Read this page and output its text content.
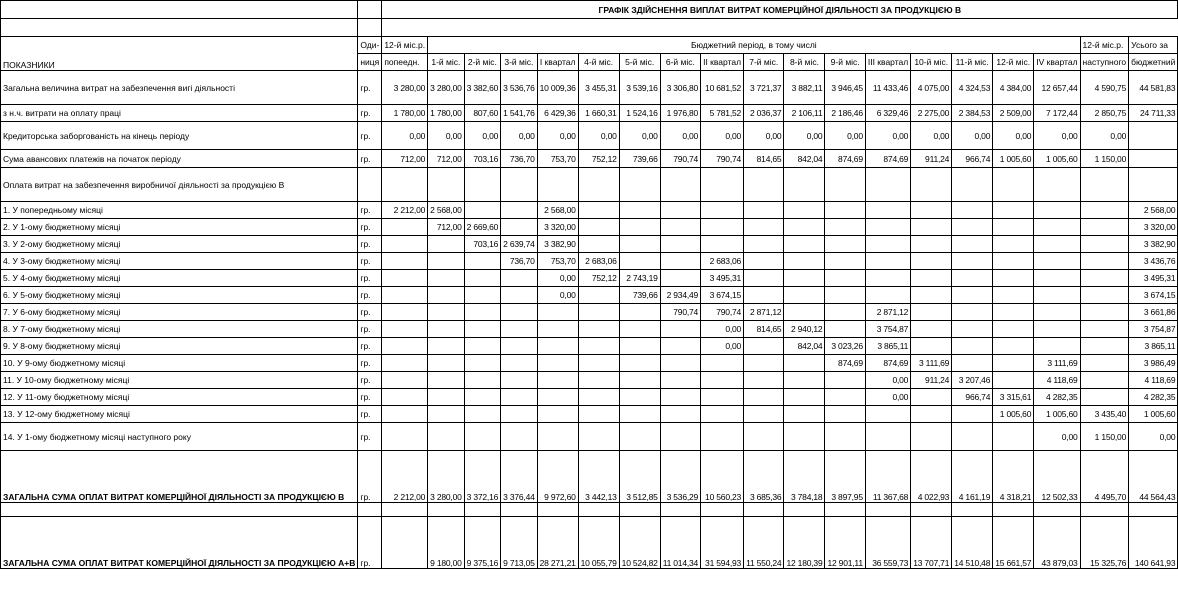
		ГРАФІК ЗДІЙСНЕННЯ ВИПЛАТ ВИТРАТ КОМЕРЦІЙНОЇ ДІЯЛЬНОСТІ ЗА ПРОДУКЦІЄЮ В																		

ПОКАЗНИКИ	Оди-	12-й міс.р.	Бюджетний період, в тому числі																12-й міс.р.	Усього за
	ниця	попеедн.	1-й міс.	2-й міс.	3-й міс.	І квартал	4-й міс.	5-й міс.	6-й міс.	ІІ квартал	7-й міс.	8-й міс.	9-й міс.	ІІІ квартал	10-й міс.	11-й міс.	12-й міс.	IV квартал	наступного	бюджетний
Загальна величина витрат на забезпечення вигі діяльності	гр.	3 280,00	3 280,00	3 382,60	3 536,76	10 009,36	3 455,31	3 539,16	3 306,80	10 681,52	3 721,37	3 882,11	3 946,45	11 433,46	4 075,00	4 324,53	4 384,00	12 657,44	4 590,75	44 581,83
з н.ч. витрати на оплату праці	гр.	1 780,00	1 780,00	807,60	1 541,76	6 429,36	1 660,31	1 524,16	1 976,80	5 781,52	2 036,37	2 106,11	2 186,46	6 329,46	2 275,00	2 384,53	2 509,00	7 172,44	2 850,75	24 711,33
Кредиторська заборгованість на кінець періоду	гр.	0,00	0,00	0,00	0,00	0,00	0,00	0,00	0,00	0,00	0,00	0,00	0,00	0,00	0,00	0,00	0,00	0,00	0,00	
Сума авансових платежів на початок періоду	гр.	712,00	712,00	703,16	736,70	753,70	752,12	739,66	790,74	790,74	814,65	842,04	874,69	874,69	911,24	966,74	1 005,60	1 005,60	1 150,00	
Оплата витрат на забезпечення виробничої діяльності за продукцією В																				
1. У попередньому місяці	гр.	2 212,00	2 568,00			2 568,00														2 568,00
2. У 1-ому бюджетному місяці	гр.		712,00	2 669,60		3 320,00														3 320,00
3. У 2-ому бюджетному місяці	гр.			703,16	2 639,74	3 382,90														3 382,90
4. У 3-ому бюджетному місяці	гр.				736,70	753,70	2 683,06			2 683,06										3 436,76
5. У 4-ому бюджетному місяці	гр.					0,00	752,12	2 743,19		3 495,31										3 495,31
6. У 5-ому бюджетному місяці	гр.					0,00		739,66	2 934,49	3 674,15										3 674,15
7. У 6-ому бюджетному місяці	гр.								790,74	790,74	2 871,12			2 871,12						3 661,86
8. У 7-ому бюджетному місяці	гр.									0,00	814,65	2 940,12		3 754,87						3 754,87
9. У 8-ому бюджетному місяці	гр.									0,00		842,04	3 023,26	3 865,11						3 865,11
10. У 9-ому бюджетному місяці	гр.												874,69	874,69	3 111,69			3 111,69		3 986,49
11. У 10-ому бюджетному місяці	гр.													0,00	911,24	3 207,46		4 118,69		4 118,69
12. У 11-ому бюджетному місяці	гр.													0,00		966,74	3 315,61	4 282,35		4 282,35
13. У 12-ому бюджетному місяці	гр.																1 005,60	1 005,60	3 435,40	1 005,60
14. У 1-ому бюджетному місяці наступного року	гр.																	0,00	1 150,00	0,00
ЗАГАЛЬНА СУМА ОПЛАТ ВИТРАТ КОМЕРЦІЙНОЇ ДІЯЛЬНОСТІ ЗА ПРОДУКЦІЄЮ В	гр.	2 212,00	3 280,00	3 372,16	3 376,44	9 972,60	3 442,13	3 512,85	3 536,29	10 560,23	3 685,36	3 784,18	3 897,95	11 367,68	4 022,93	4 161,19	4 318,21	12 502,33	4 495,70	44 564,43

ЗАГАЛЬНА СУМА ОПЛАТ ВИТРАТ КОМЕРЦІЙНОЇ ДІЯЛЬНОСТІ ЗА ПРОДУКЦІЄЮ А+В	гр.		9 180,00	9 375,16	9 713,05	28 271,21	10 055,79	10 524,82	11 014,34	31 594,93	11 550,24	12 180,39	12 901,11	36 559,73	13 707,71	14 510,48	15 661,57	43 879,03	15 325,76	140 641,93
